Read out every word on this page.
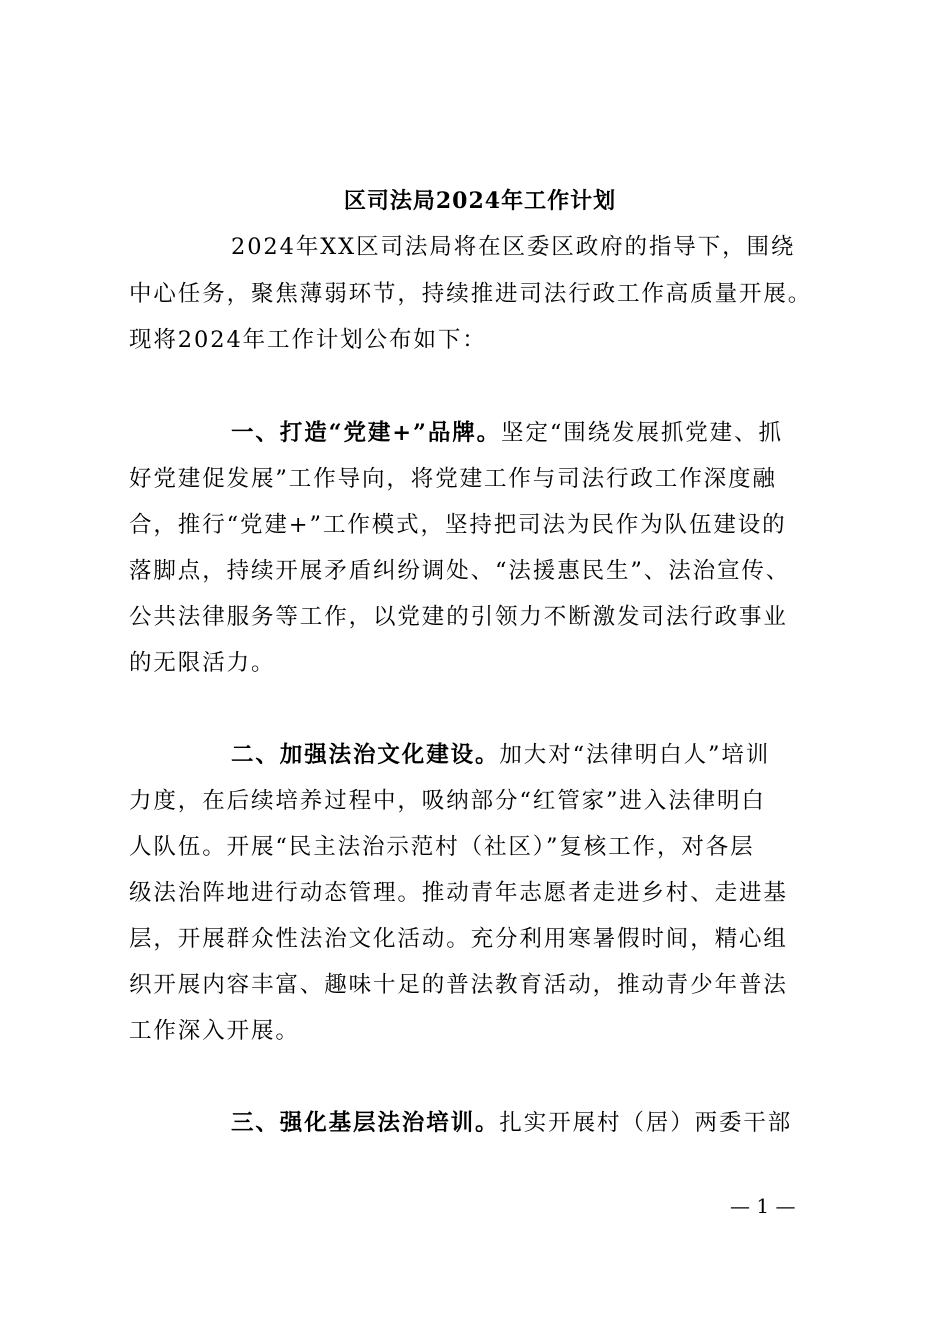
区司法局2024年工作计划
2024年XX区司法局将在区委区政府的指导下，围绕
中心任务，聚焦薄弱环节，持续推进司法行政工作高质量开展。
现将2024年工作计划公布如下：
一、打造“党建+”品牌。坚定“围绕发展抓党建、抓
好党建促发展”工作导向，将党建工作与司法行政工作深度融
合，推行“党建+”工作模式，坚持把司法为民作为队伍建设的
落脚点，持续开展矛盾纠纷调处、“法援惠民生”、法治宣传、
公共法律服务等工作，以党建的引领力不断激发司法行政事业
的无限活力。
二、加强法治文化建设。加大对“法律明白人”培训
力度，在后续培养过程中，吸纳部分“红管家”进入法律明白
人队伍。开展“民主法治示范村（社区）”复核工作，对各层
级法治阵地进行动态管理。推动青年志愿者走进乡村、走进基
层，开展群众性法治文化活动。充分利用寒暑假时间，精心组
织开展内容丰富、趣味十足的普法教育活动，推动青少年普法
工作深入开展。
三、强化基层法治培训。扎实开展村（居）两委干部
— 1 —
